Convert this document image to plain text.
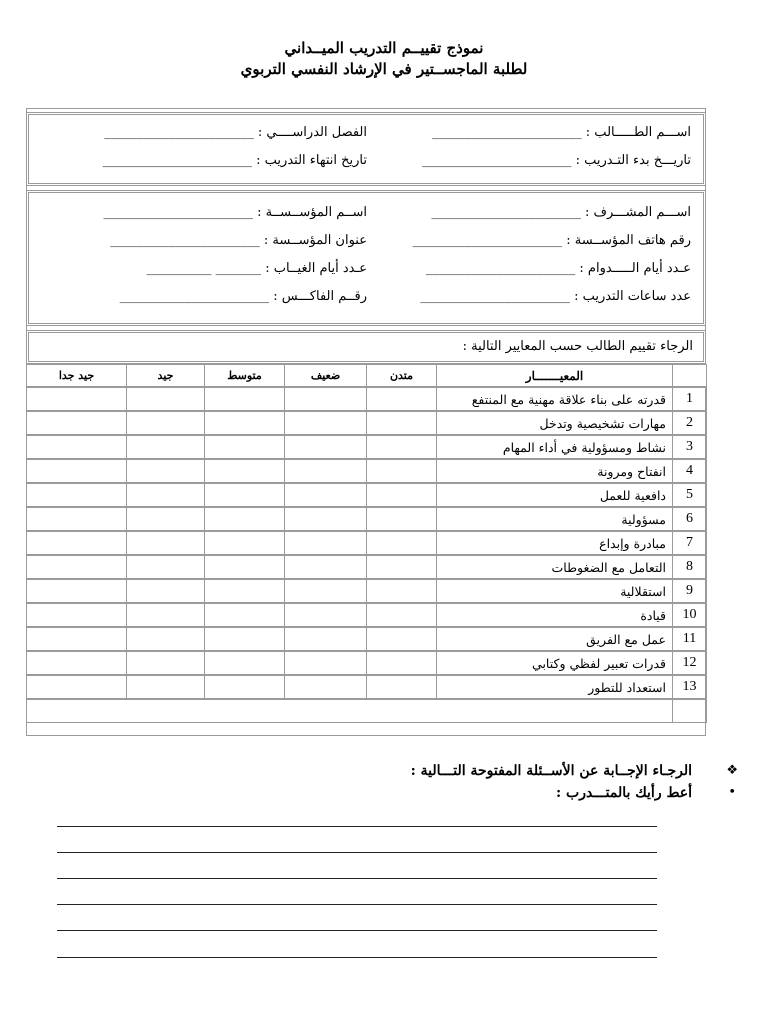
نموذج تقييــم التدريب الميــداني
لطلبة الماجســتير في الإرشاد النفسي التربوي
اســـم الطـــــالب : _______________________
الفصل الدراســــي : _______________________
تاريـــخ بدء التـدريب : _______________________
تاريخ انتهاء التدريب : _______________________
اســـم المشـــرف : _______________________
اســم المؤســســة : _______________________
رقم هاتف المؤســسة : _______________________
عنوان المؤســسة : _______________________
عـدد أيام الـــــدوام : _______________________
عـدد أيام الغيــاب : _______ __________
عدد ساعات التدريب : _______________________
رقــم الفاكـــس : _______________________
الرجاء تقييم الطالب حسب المعايير التالية :
	المعيـــــــار	متدن	ضعيف	متوسط	جيد	جيد جدا
1	قدرته على بناء علاقة مهنية مع المنتفع					
2	مهارات تشخيصية وتدخل					
3	نشاط ومسؤولية في أداء المهام					
4	انفتاح ومرونة					
5	دافعية للعمل					
6	مسؤولية					
7	مبادرة وإبداع					
8	التعامل مع الضغوطات					
9	استقلالية					
10	قيادة					
11	عمل مع الفريق					
12	قدرات تعبير لفظي وكتابي					
13	استعداد للتطور					

❖
الرجـاء الإجــابة عن الأســئلة المفتوحة التـــالية :
•
أعط رأيك بالمتـــدرب :
